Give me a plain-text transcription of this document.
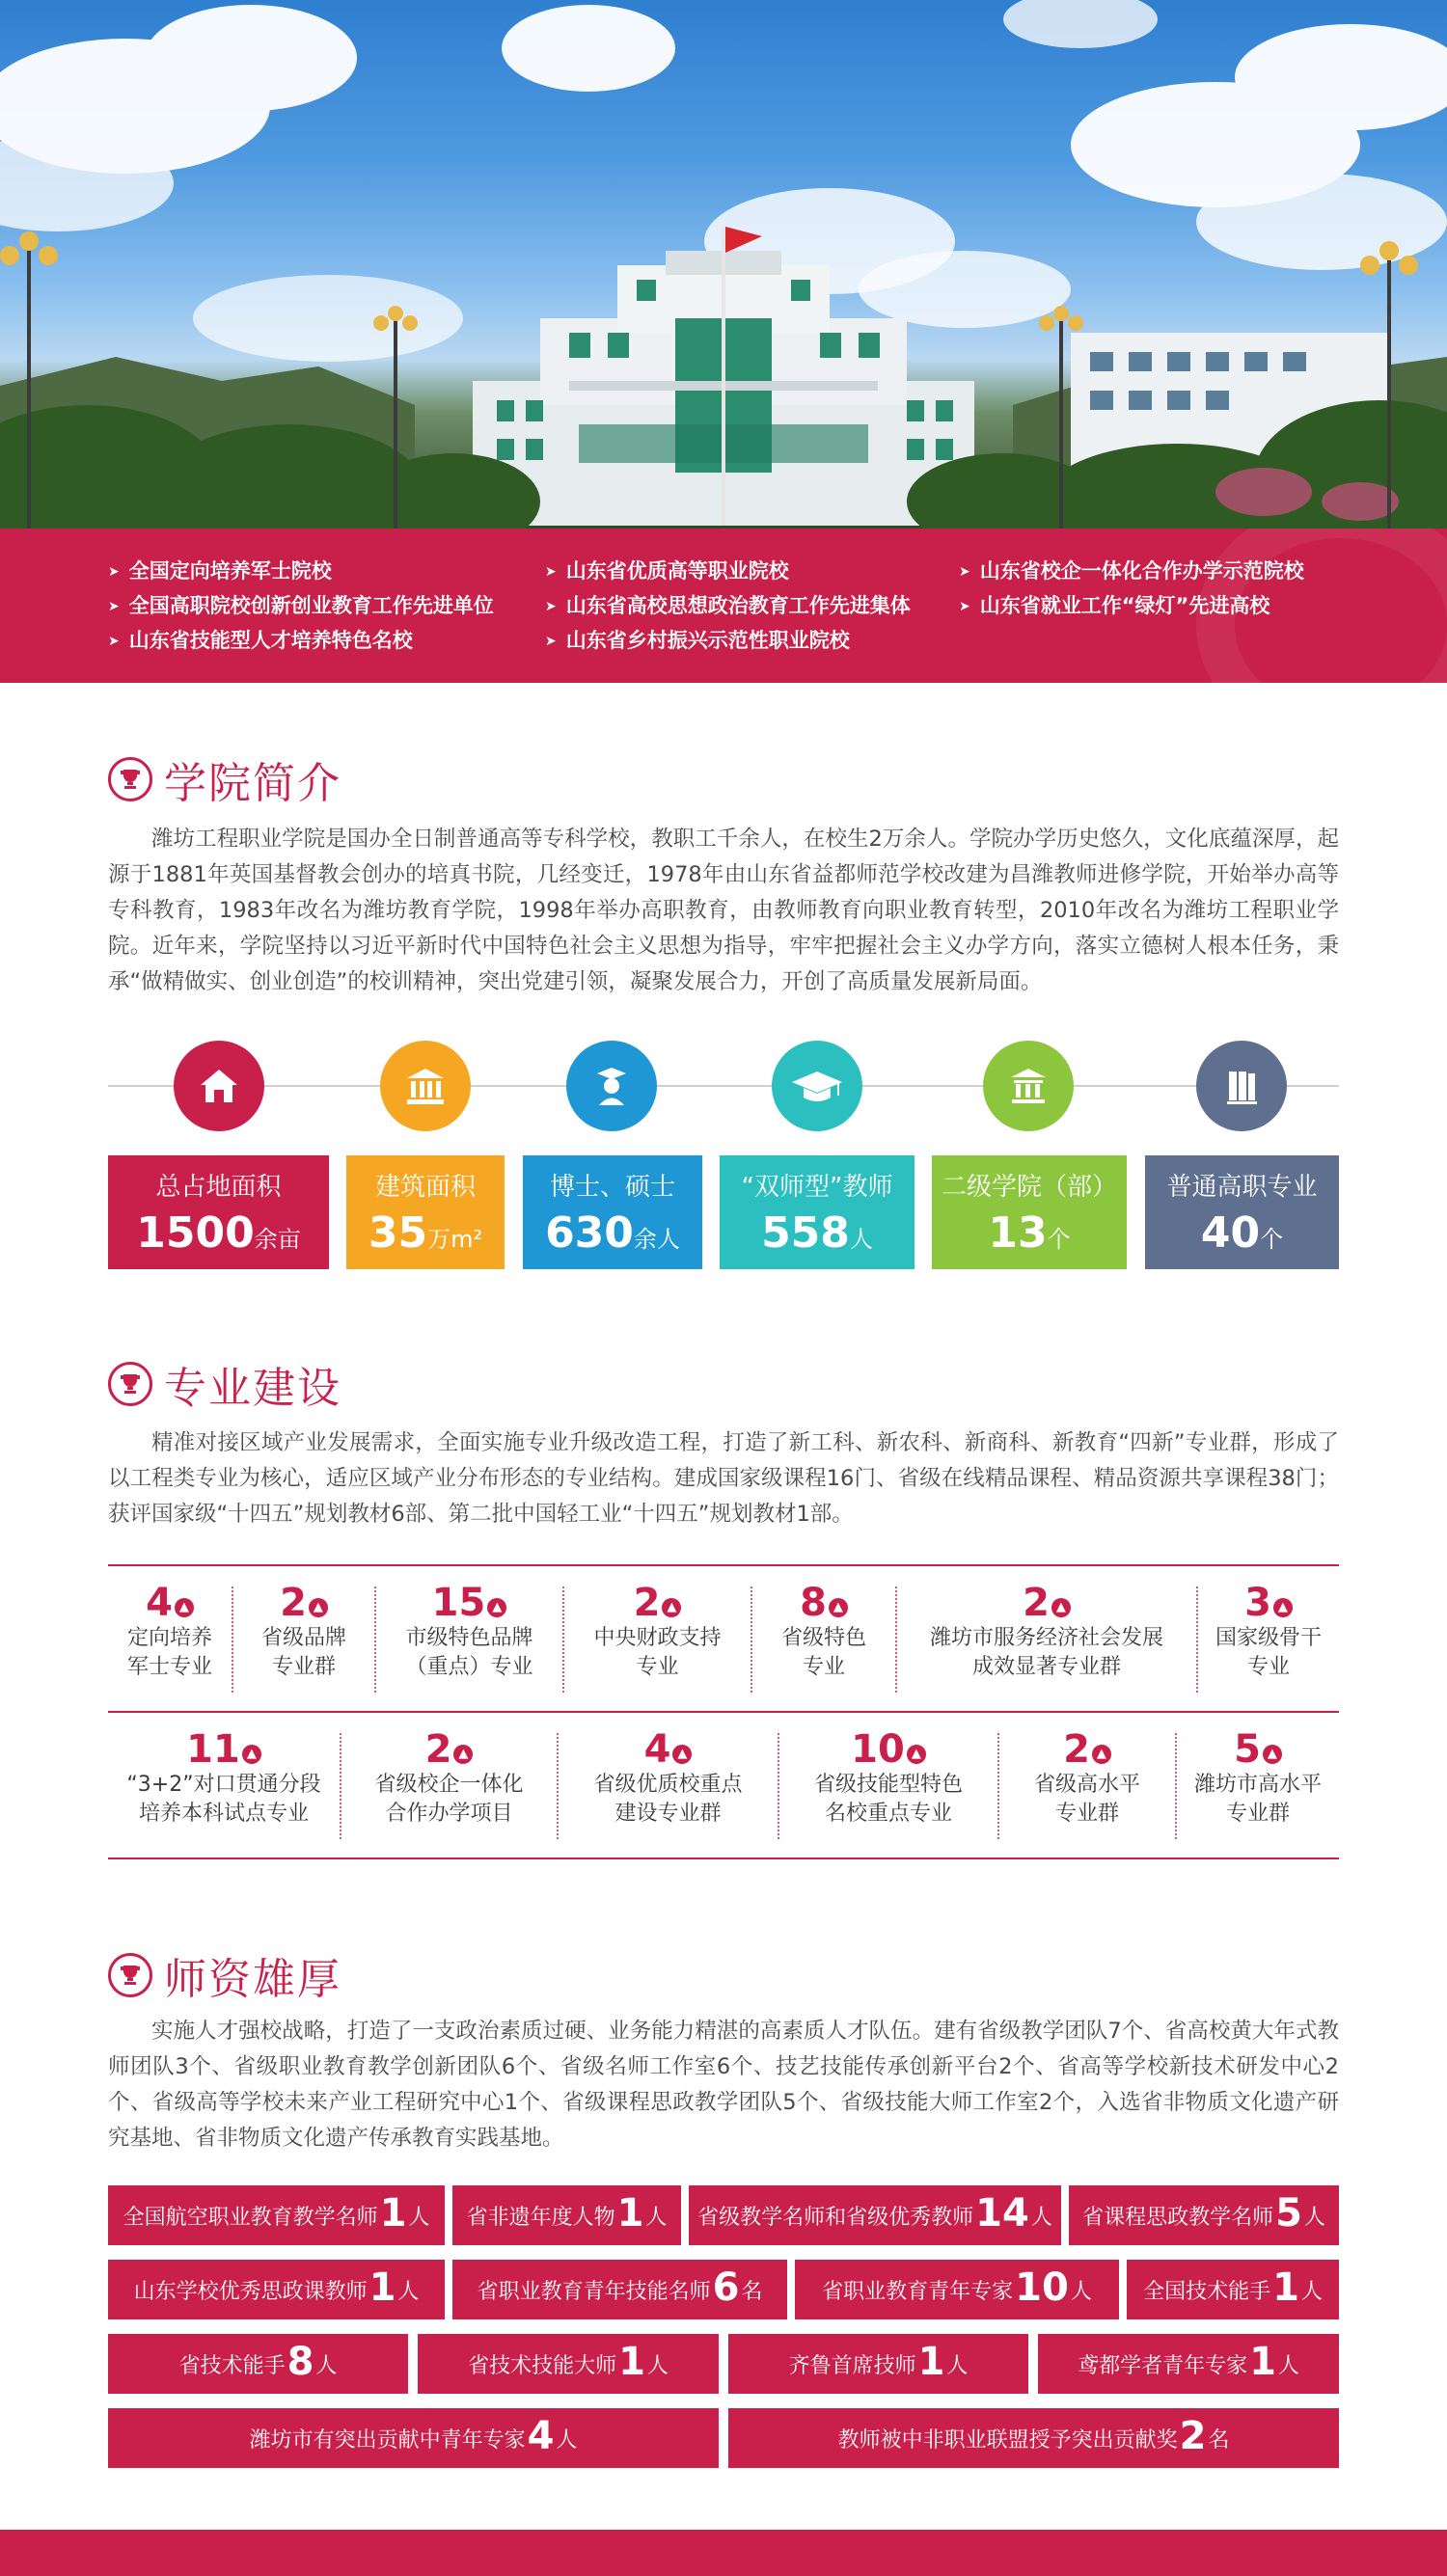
➤ 全国定向培养军士院校	➤ 山东省优质高等职业院校	➤ 山东省校企一体化合作办学示范院校
➤ 全国高职院校创新创业教育工作先进单位	➤ 山东省高校思想政治教育工作先进集体	➤ 山东省就业工作“绿灯”先进高校
➤ 山东省技能型人才培养特色名校	➤ 山东省乡村振兴示范性职业院校
学院简介

潍坊工程职业学院是国办全日制普通高等专科学校，教职工千余人，在校生2万余人。学院办学历史悠久，文化底蕴深厚，起源于1881年英国基督教会创办的培真书院，几经变迁，1978年由山东省益都师范学校改建为昌潍教师进修学院，开始举办高等专科教育，1983年改名为潍坊教育学院，1998年举办高职教育，由教师教育向职业教育转型，2010年改名为潍坊工程职业学院。近年来，学院坚持以习近平新时代中国特色社会主义思想为指导，牢牢把握社会主义办学方向，落实立德树人根本任务，秉承“做精做实、创业创造”的校训精神，突出党建引领，凝聚发展合力，开创了高质量发展新局面。

总占地面积
1500余亩
建筑面积
35万m²
博士、硕士
630余人
“双师型”教师
558人
二级学院（部）
13个
普通高职专业
40个
专业建设

精准对接区域产业发展需求，全面实施专业升级改造工程，打造了新工科、新农科、新商科、新教育“四新”专业群，形成了以工程类专业为核心，适应区域产业分布形态的专业结构。建成国家级课程16门、省级在线精品课程、精品资源共享课程38门；获评国家级“十四五”规划教材6部、第二批中国轻工业“十四五”规划教材1部。

4 ▲
定向培养
军士专业
2 ▲
省级品牌
专业群
15 ▲
市级特色品牌
（重点）专业
2 ▲
中央财政支持
专业
8 ▲
省级特色
专业
2 ▲
潍坊市服务经济社会发展
成效显著专业群
3 ▲
国家级骨干
专业
11 ▲
“3+2”对口贯通分段
培养本科试点专业
2 ▲
省级校企一体化
合作办学项目
4 ▲
省级优质校重点
建设专业群
10 ▲
省级技能型特色
名校重点专业
2 ▲
省级高水平
专业群
5 ▲
潍坊市高水平
专业群
师资雄厚

实施人才强校战略，打造了一支政治素质过硬、业务能力精湛的高素质人才队伍。建有省级教学团队7个、省高校黄大年式教师团队3个、省级职业教育教学创新团队6个、省级名师工作室6个、技艺技能传承创新平台2个、省高等学校新技术研发中心2个、省级高等学校未来产业工程研究中心1个、省级课程思政教学团队5个、省级技能大师工作室2个，入选省非物质文化遗产研究基地、省非物质文化遗产传承教育实践基地。

全国航空职业教育教学名师 1 人 省非遗年度人物 1 人 省级教学名师和省级优秀教师 14 人 省课程思政教学名师 5 人
山东学校优秀思政课教师 1 人	省职业教育青年技能名师 6 名	省职业教育青年专家 10 人 全国技术能手 1 人
省技术能手 8 人	省技术技能大师 1 人	齐鲁首席技师 1 人	鸢都学者青年专家 1 人
潍坊市有突出贡献中青年专家 4 人	教师被中非职业联盟授予突出贡献奖 2 名
